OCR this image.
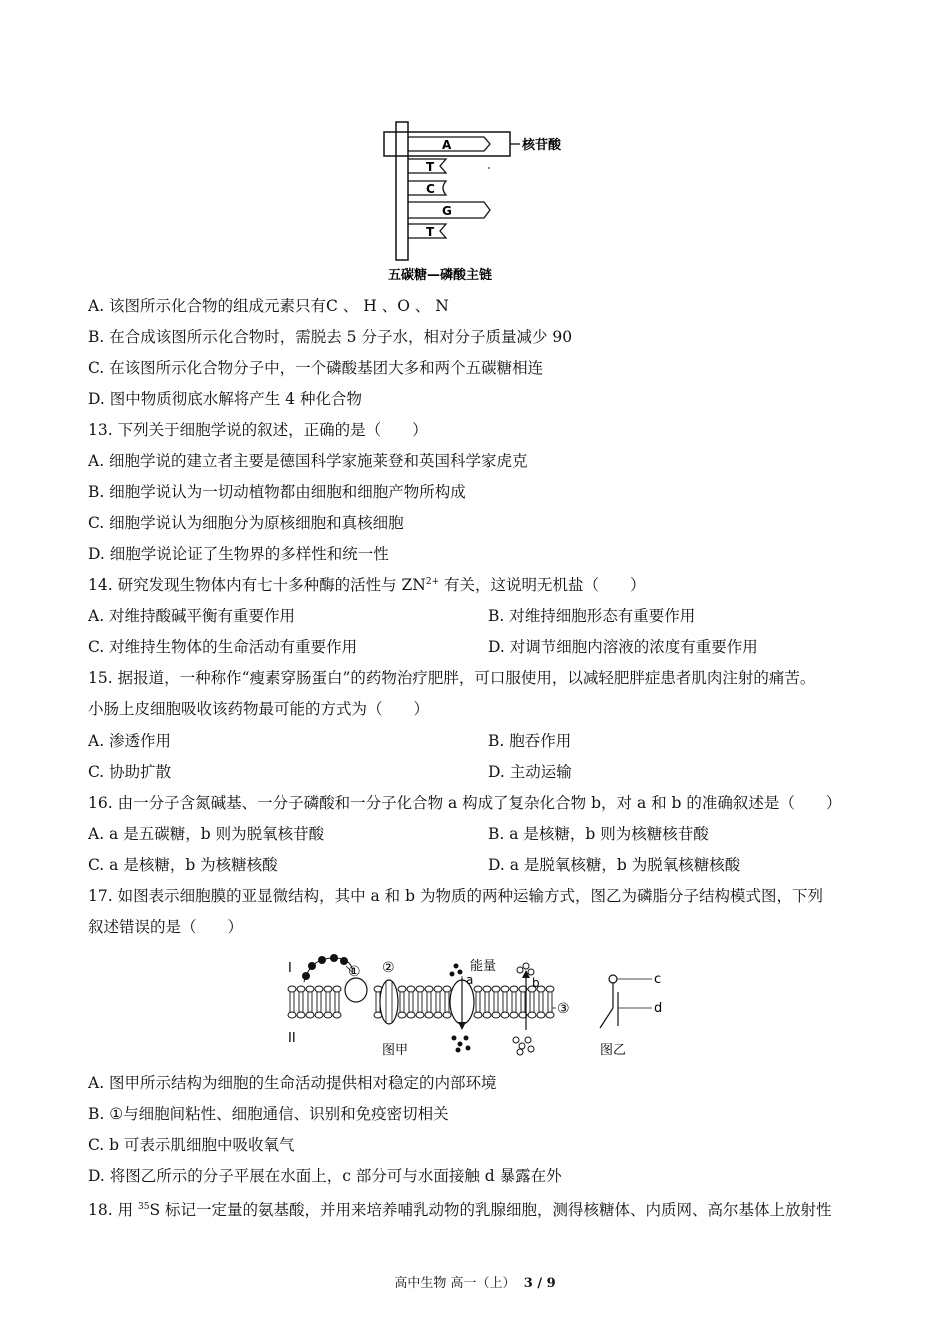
A
T
C
G
T
核苷酸
五碳糖—磷酸主链
A. 该图所示化合物的组成元素只有C 、 H 、O 、 N
B. 在合成该图所示化合物时，需脱去 5 分子水，相对分子质量减少 90
C. 在该图所示化合物分子中，一个磷酸基团大多和两个五碳糖相连
D. 图中物质彻底水解将产生 4 种化合物
13. 下列关于细胞学说的叙述，正确的是（　　）
A. 细胞学说的建立者主要是德国科学家施莱登和英国科学家虎克
B. 细胞学说认为一切动植物都由细胞和细胞产物所构成
C. 细胞学说认为细胞分为原核细胞和真核细胞
D. 细胞学说论证了生物界的多样性和统一性
14. 研究发现生物体内有七十多种酶的活性与 $ZN^{2+}$ 有关，这说明无机盐（　　）
A. 对维持酸碱平衡有重要作用	B. 对维持细胞形态有重要作用
C. 对维持生物体的生命活动有重要作用	D. 对调节细胞内溶液的浓度有重要作用
15. 据报道，一种称作“瘦素穿肠蛋白”的药物治疗肥胖，可口服使用，以减轻肥胖症患者肌肉注射的痛苦。
小肠上皮细胞吸收该药物最可能的方式为（　　）
A. 渗透作用	B. 胞吞作用
C. 协助扩散	D. 主动运输
16. 由一分子含氮碱基、一分子磷酸和一分子化合物 a 构成了复杂化合物 b，对 a 和 b 的准确叙述是（　　）
A. a 是五碳糖，b 则为脱氧核苷酸	B. a 是核糖，b 则为核糖核苷酸
C. a 是核糖，b 为核糖核酸	D. a 是脱氧核糖，b 为脱氧核糖核酸
17. 如图表示细胞膜的亚显微结构，其中 a 和 b 为物质的两种运输方式，图乙为磷脂分子结构模式图，下列
叙述错误的是（　　）
I
II
① ②
③
能量
a	b
图甲
c
d
图乙
A. 图甲所示结构为细胞的生命活动提供相对稳定的内部环境
B. ①与细胞间粘性、细胞通信、识别和免疫密切相关
C. b 可表示肌细胞中吸收氧气
D. 将图乙所示的分子平展在水面上，c 部分可与水面接触 d 暴露在外
18. 用 $^{35}$S 标记一定量的氨基酸，并用来培养哺乳动物的乳腺细胞，测得核糖体、内质网、高尔基体上放射性
高中生物 高一（上） 3 / 9
